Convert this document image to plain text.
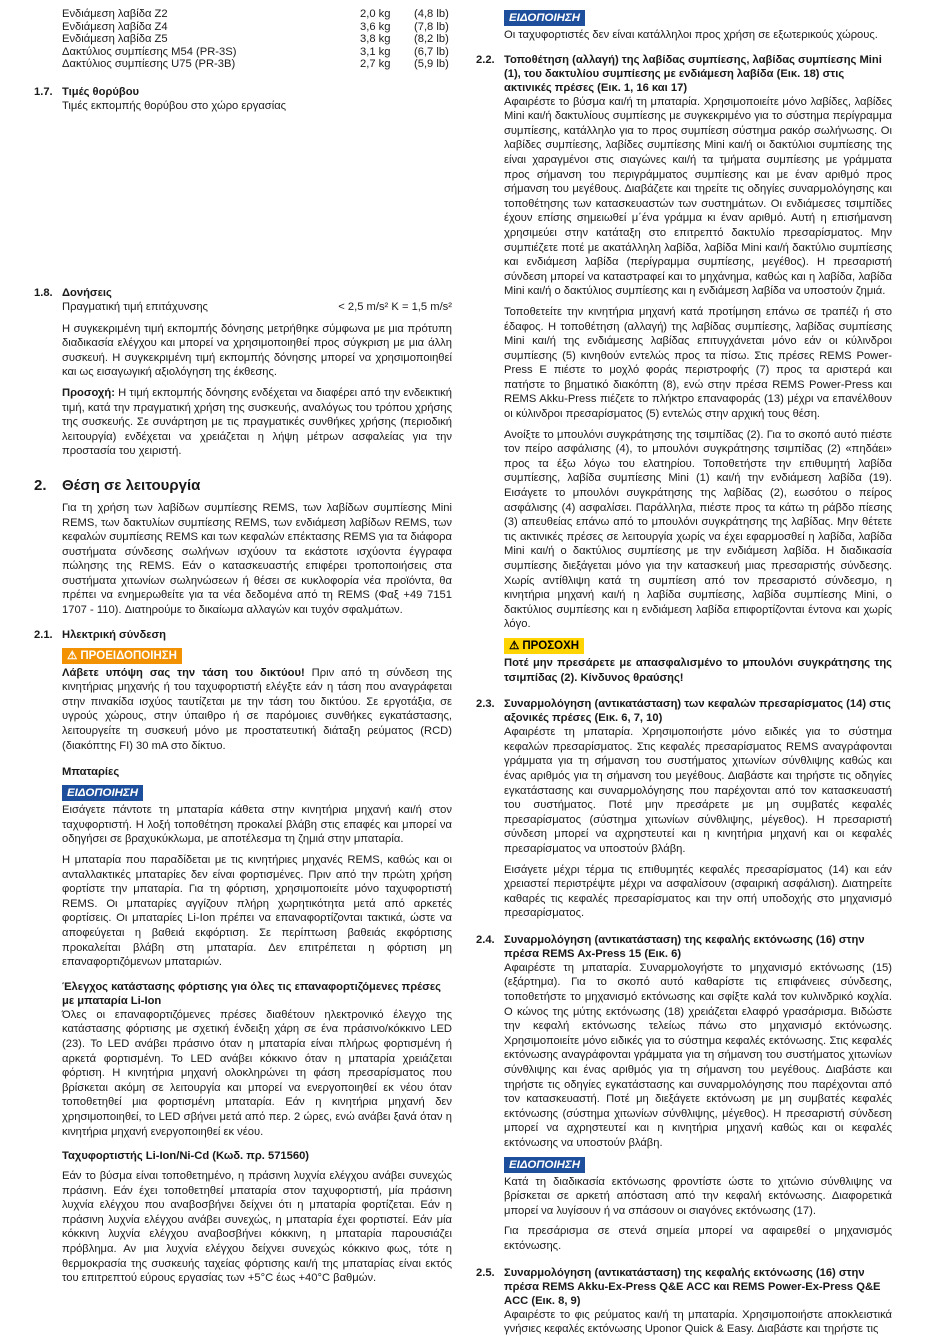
Ενδιάμεση λαβίδα Z2	2,0 kg	(4,8 lb)
Ενδιάμεση λαβίδα Z4	3,6 kg	(7,8 lb)
Ενδιάμεση λαβίδα Z5	3,8 kg	(8,2 lb)
Δακτύλιος συμπίεσης M54 (PR-3S)	3,1 kg	(6,7 lb)
Δακτύλιος συμπίεσης U75 (PR-3B)	2,7 kg	(5,9 lb)
1.7. Τιμές θορύβου

Τιμές εκπομπής θορύβου στο χώρο εργασίας

1.8. Δονήσεις
Πραγματική τιμή επιτάχυνσης	< 2,5 m/s² K = 1,5 m/s²

Η συγκεκριμένη τιμή εκπομπής δόνησης μετρήθηκε σύμφωνα με μια πρότυπη διαδικασία ελέγχου και μπορεί να χρησιμοποιηθεί προς σύγκριση με μια άλλη συσκευή. Η συγκεκριμένη τιμή εκπομπής δόνησης μπορεί να χρησιμοποιηθεί και ως εισαγωγική αξιολόγηση της έκθεσης.

Προσοχή: Η τιμή εκπομπής δόνησης ενδέχεται να διαφέρει από την ενδεικτική τιμή, κατά την πραγματική χρήση της συσκευής, αναλόγως του τρόπου χρήσης της συσκευής. Σε συνάρτηση με τις πραγματικές συνθήκες χρήσης (περιοδική λειτουργία) ενδέχεται να χρειάζεται η λήψη μέτρων ασφαλείας για την προστασία του χειριστή.

2.	Θέση σε λειτουργία

Για τη χρήση των λαβίδων συμπίεσης REMS, των λαβίδων συμπίεσης Mini REMS, των δακτυλίων συμπίεσης REMS, των ενδιάμεση λαβίδων REMS, των κεφαλών συμπίεσης REMS και των κεφαλών επέκτασης REMS για τα διάφορα συστήματα σύνδεσης σωλήνων ισχύουν τα εκάστοτε ισχύοντα έγγραφα πώλησης της REMS. Εάν ο κατασκευαστής επιφέρει τροποποιήσεις στα συστήματα χιτωνίων σωληνώσεων ή θέσει σε κυκλοφορία νέα προϊόντα, θα πρέπει να ενημερωθείτε για τα νέα δεδομένα από τη REMS (Φαξ +49 7151 1707 - 110). Διατηρούμε το δικαίωμα αλλαγών και τυχόν σφαλμάτων.

2.1. Ηλεκτρική σύνδεση
⚠ ΠΡΟΕΙΔΟΠΟΙΗΣΗ

Λάβετε υπόψη σας την τάση του δικτύου! Πριν από τη σύνδεση της κινητήριας μηχανής ή του ταχυφορτιστή ελέγξτε εάν η τάση που αναγράφεται στην πινακίδα ισχύος ταυτίζεται με την τάση του δικτύου. Σε εργοτάξια, σε υγρούς χώρους, στην ύπαιθρο ή σε παρόμοιες συνθήκες εγκατάστασης, λειτουργείτε τη συσκευή μόνο με προστατευτική διάταξη ρεύματος (RCD) (διακόπτης FI) 30 mA στο δίκτυο.

Μπαταρίες
ΕΙΔΟΠΟΙΗΣΗ

Εισάγετε πάντοτε τη μπαταρία κάθετα στην κινητήρια μηχανή και/ή στον ταχυφορτιστή. Η λοξή τοποθέτηση προκαλεί βλάβη στις επαφές και μπορεί να οδηγήσει σε βραχυκύκλωμα, με αποτέλεσμα τη ζημιά στην μπαταρία.

Η μπαταρία που παραδίδεται με τις κινητήριες μηχανές REMS, καθώς και οι ανταλλακτικές μπαταρίες δεν είναι φορτισμένες. Πριν από την πρώτη χρήση φορτίστε την μπαταρία. Για τη φόρτιση, χρησιμοποιείτε μόνο ταχυφορτιστή REMS. Οι μπαταρίες αγγίζουν πλήρη χωρητικότητα μετά από αρκετές φορτίσεις. Οι μπαταρίες Li-Ion πρέπει να επαναφορτίζονται τακτικά, ώστε να αποφεύγεται η βαθειά εκφόρτιση. Σε περίπτωση βαθειάς εκφόρτισης προκαλείται βλάβη στη μπαταρία. Δεν επιτρέπεται η φόρτιση μη επαναφορτιζόμενων μπαταριών.

Έλεγχος κατάστασης φόρτισης για όλες τις επαναφορτιζόμενες πρέσες με μπαταρία Li-Ion

Όλες οι επαναφορτιζόμενες πρέσες διαθέτουν ηλεκτρονικό έλεγχο της κατάστασης φόρτισης με σχετική ένδειξη χάρη σε ένα πράσινο/κόκκινο LED (23). Το LED ανάβει πράσινο όταν η μπαταρία είναι πλήρως φορτισμένη ή αρκετά φορτισμένη. Το LED ανάβει κόκκινο όταν η μπαταρία χρειάζεται φόρτιση. Η κινητήρια μηχανή ολοκληρώνει τη φάση πρεσαρίσματος που βρίσκεται ακόμη σε λειτουργία και μπορεί να ενεργοποιηθεί εκ νέου όταν τοποθετηθεί μια φορτισμένη μπαταρία. Εάν η κινητήρια μηχανή δεν χρησιμοποιηθεί, το LED σβήνει μετά από περ. 2 ώρες, ενώ ανάβει ξανά όταν η κινητήρια μηχανή ενεργοποιηθεί εκ νέου.

Ταχυφορτιστής Li-Ion/Ni-Cd (Κωδ. πρ. 571560)

Εάν το βύσμα είναι τοποθετημένο, η πράσινη λυχνία ελέγχου ανάβει συνεχώς πράσινη. Εάν έχει τοποθετηθεί μπαταρία στον ταχυφορτιστή, μία πράσινη λυχνία ελέγχου που αναβοσβήνει δείχνει ότι η μπαταρία φορτίζεται. Εάν η πράσινη λυχνία ελέγχου ανάβει συνεχώς, η μπαταρία έχει φορτιστεί. Εάν μία κόκκινη λυχνία ελέγχου αναβοσβήνει κόκκινη, η μπαταρία παρουσιάζει πρόβλημα. Αν μια λυχνία ελέγχου δείχνει συνεχώς κόκκινο φως, τότε η θερμοκρασία της συσκευής ταχείας φόρτισης και/ή της μπαταρίας είναι εκτός του επιτρεπτού εύρους εργασίας των +5°C έως +40°C βαθμών.

ΕΙΔΟΠΟΙΗΣΗ

Οι ταχυφορτιστές δεν είναι κατάλληλοι προς χρήση σε εξωτερικούς χώρους.

2.2. Τοποθέτηση (αλλαγή) της λαβίδας συμπίεσης, λαβίδας συμπίεσης Mini (1), του δακτυλίου συμπίεσης με ενδιάμεση λαβίδα (Εικ. 18) στις ακτινικές πρέσες (Εικ. 1, 16 και 17)

Αφαιρέστε το βύσμα και/ή τη μπαταρία. Χρησιμοποιείτε μόνο λαβίδες, λαβίδες Mini και/ή δακτυλίους συμπίεσης με συγκεκριμένο για το σύστημα περίγραμμα συμπίεσης, κατάλληλο για το προς συμπίεση σύστημα ρακόρ σωλήνωσης. Οι λαβίδες συμπίεσης, λαβίδες συμπίεσης Mini και/ή οι δακτύλιοι συμπίεσης της είναι χαραγμένοι στις σιαγώνες και/ή τα τμήματα συμπίεσης με γράμματα προς σήμανση του περιγράμματος συμπίεσης και με έναν αριθμό προς σήμανση του μεγέθους. Διαβάζετε και τηρείτε τις οδηγίες συναρμολόγησης και τοποθέτησης των κατασκευαστών των συστημάτων. Οι ενδιάμεσες τσιμπίδες έχουν επίσης σημειωθεί μ΄ένα γράμμα κι έναν αριθμό. Αυτή η επισήμανση χρησιμεύει στην κατάταξη στο επιτρεπτό δακτυλίο πρεσαρίσματος. Μην συμπιέζετε ποτέ με ακατάλληλη λαβίδα, λαβίδα Mini και/ή δακτύλιο συμπίεσης και ενδιάμεση λαβίδα (περίγραμμα συμπίεσης, μεγέθος). Η πρεσαριστή σύνδεση μπορεί να καταστραφεί και το μηχάνημα, καθώς και η λαβίδα, λαβίδα Mini και/ή ο δακτύλιος συμπίεσης και η ενδιάμεση λαβίδα να υποστούν ζημιά.

Τοποθετείτε την κινητήρια μηχανή κατά προτίμηση επάνω σε τραπέζι ή στο έδαφος. Η τοποθέτηση (αλλαγή) της λαβίδας συμπίεσης, λαβίδας συμπίεσης Mini και/ή της ενδιάμεσης λαβίδας επιτυγχάνεται μόνο εάν οι κύλινδροι συμπίεσης (5) κινηθούν εντελώς προς τα πίσω. Στις πρέσες REMS Power-Press E πιέστε το μοχλό φοράς περιστροφής (7) προς τα αριστερά και πατήστε το βηματικό διακόπτη (8), ενώ στην πρέσα REMS Power-Press και REMS Akku-Press πιέζετε το πλήκτρο επαναφοράς (13) μέχρι να επανέλθουν οι κύλινδροι πρεσαρίσματος (5) εντελώς στην αρχική τους θέση.

Ανοίξτε το μπουλόνι συγκράτησης της τσιμπίδας (2). Για το σκοπό αυτό πιέστε τον πείρο ασφάλισης (4), το μπουλόνι συγκράτησης τσιμπίδας (2) «πηδάει» προς τα έξω λόγω του ελατηρίου. Τοποθετήστε την επιθυμητή λαβίδα συμπίεσης, λαβίδα συμπίεσης Mini (1) και/ή την ενδιάμεση λαβίδα (19). Εισάγετε το μπουλόνι συγκράτησης της λαβίδας (2), εωσότου ο πείρος ασφάλισης (4) ασφαλίσει. Παράλληλα, πιέστε προς τα κάτω τη ράβδο πίεσης (3) απευθείας επάνω από το μπουλόνι συγκράτησης της λαβίδας. Μην θέτετε τις ακτινικές πρέσες σε λειτουργία χωρίς να έχει εφαρμοσθεί η λαβίδα, λαβίδα Mini και/ή ο δακτύλιος συμπίεσης με την ενδιάμεση λαβίδα. Η διαδικασία συμπίεσης διεξάγεται μόνο για την κατασκευή μιας πρεσαριστής σύνδεσης. Χωρίς αντίθλιψη κατά τη συμπίεση από τον πρεσαριστό σύνδεσμο, η κινητήρια μηχανή και/ή η λαβίδα συμπίεσης, λαβίδα συμπίεσης Mini, ο δακτύλιος συμπίεσης και η ενδιάμεση λαβίδα επιφορτίζονται έντονα και χωρίς λόγο.

⚠ ΠΡΟΣΟΧΗ

Ποτέ μην πρεσάρετε με απασφαλισμένο το μπουλόνι συγκράτησης της τσιμπίδας (2). Κίνδυνος θραύσης!

2.3. Συναρμολόγηση (αντικατάσταση) των κεφαλών πρεσαρίσματος (14) στις αξονικές πρέσες (Εικ. 6, 7, 10)

Αφαιρέστε τη μπαταρία. Χρησιμοποιήστε μόνο ειδικές για το σύστημα κεφαλών πρεσαρίσματος. Στις κεφαλές πρεσαρίσματος REMS αναγράφονται γράμματα για τη σήμανση του συστήματος χιτωνίων σύνθλιψης καθώς και ένας αριθμός για τη σήμανση του μεγέθους. Διαβάστε και τηρήστε τις οδηγίες εγκατάστασης και συναρμολόγησης που παρέχονται από τον κατασκευαστή του συστήματος. Ποτέ μην πρεσάρετε με μη συμβατές κεφαλές πρεσαρίσματος (σύστημα χιτωνίων σύνθλιψης, μέγεθος). Η πρεσαριστή σύνδεση μπορεί να αχρηστευτεί και η κινητήρια μηχανή και οι κεφαλές πρεσαρίσματος να υποστούν βλάβη.

Εισάγετε μέχρι τέρμα τις επιθυμητές κεφαλές πρεσαρίσματος (14) και εάν χρειαστεί περιστρέψτε μέχρι να ασφαλίσουν (σφαιρική ασφάλιση). Διατηρείτε καθαρές τις κεφαλές πρεσαρίσματος και την οπή υποδοχής στο μηχανισμό πρεσαρίσματος.

2.4. Συναρμολόγηση (αντικατάσταση) της κεφαλής εκτόνωσης (16) στην πρέσα REMS Ax-Press 15 (Εικ. 6)

Αφαιρέστε τη μπαταρία. Συναρμολογήστε το μηχανισμό εκτόνωσης (15) (εξάρτημα). Για το σκοπό αυτό καθαρίστε τις επιφάνειες σύνδεσης, τοποθετήστε το μηχανισμό εκτόνωσης και σφίξτε καλά τον κυλινδρικό κοχλία. Ο κώνος της μύτης εκτόνωσης (18) χρειάζεται ελαφρό γρασάρισμα. Βιδώστε την κεφαλή εκτόνωσης τελείως πάνω στο μηχανισμό εκτόνωσης. Χρησιμοποιείτε μόνο ειδικές για το σύστημα κεφαλές εκτόνωσης. Στις κεφαλές εκτόνωσης αναγράφονται γράμματα για τη σήμανση του συστήματος χιτωνίων σύνθλιψης και ένας αριθμός για τη σήμανση του μεγέθους. Διαβάστε και τηρήστε τις οδηγίες εγκατάστασης και συναρμολόγησης που παρέχονται από τον κατασκευαστή. Ποτέ μη διεξάγετε εκτόνωση με μη συμβατές κεφαλές εκτόνωσης (σύστημα χιτωνίων σύνθλιψης, μέγεθος). Η πρεσαριστή σύνδεση μπορεί να αχρηστευτεί και η κινητήρια μηχανή καθώς και οι κεφαλές εκτόνωσης να υποστούν βλάβη.

ΕΙΔΟΠΟΙΗΣΗ

Κατά τη διαδικασία εκτόνωσης φροντίστε ώστε το χιτώνιο σύνθλιψης να βρίσκεται σε αρκετή απόσταση από την κεφαλή εκτόνωσης. Διαφορετικά μπορεί να λυγίσουν ή να σπάσουν οι σιαγόνες εκτόνωσης (17).

Για πρεσάρισμα σε στενά σημεία μπορεί να αφαιρεθεί ο μηχανισμός εκτόνωσης.

2.5. Συναρμολόγηση (αντικατάσταση) της κεφαλής εκτόνωσης (16) στην πρέσα REMS Akku-Ex-Press Q&E ACC και REMS Power-Ex-Press Q&E ACC (Εικ. 8, 9)

Αφαιρέστε το φις ρεύματος και/ή τη μπαταρία. Χρησιμοποιήστε αποκλειστικά γνήσιες κεφαλές εκτόνωσης Uponor Quick & Easy. Διαβάστε και τηρήστε τις
